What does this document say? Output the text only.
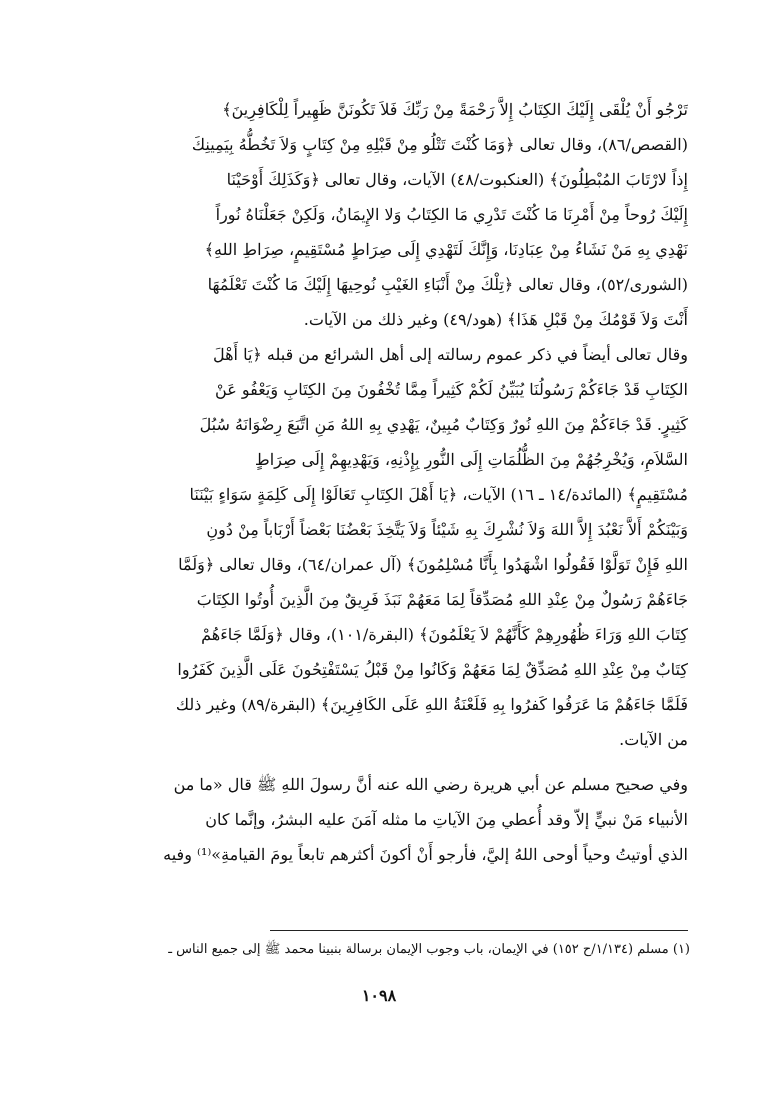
تَرْجُو أَنْ يُلْقَى إِلَيْكَ الكِتَابُ إِلاَّ رَحْمَةً مِنْ رَبِّكَ فَلاَ تَكُونَنَّ ظَهِيراً لِلْكَافِرِينَ﴾
(القصص/٨٦)، وقال تعالى ﴿وَمَا كُنْتَ تَتْلُو مِنْ قَبْلِهِ مِنْ كِتَابٍ وَلاَ تَخُطُّهُ بِيَمِينِكَ
إِذاً لارْتَابَ المُبْطِلُونَ﴾ (العنكبوت/٤٨) الآيات، وقال تعالى ﴿وَكَذَلِكَ أَوْحَيْنَا
إِلَيْكَ رُوحاً مِنْ أَمْرِنَا مَا كُنْتَ تَدْرِي مَا الكِتَابُ وَلا الإِيمَانُ، وَلَكِنْ جَعَلْنَاهُ نُوراً
نَهْدِي بِهِ مَنْ نَشَاءُ مِنْ عِبَادِنَا، وَإِنَّكَ لَتَهْدِي إِلَى صِرَاطٍ مُسْتَقِيمٍ، صِرَاطِ اللهِ﴾
(الشورى/٥٢)، وقال تعالى ﴿تِلْكَ مِنْ أَنْبَاءِ الغَيْبِ نُوحِيهَا إِلَيْكَ مَا كُنْتَ تَعْلَمُهَا
أَنْتَ وَلاَ قَوْمُكَ مِنْ قَبْلِ هَذَا﴾ (هود/٤٩) وغير ذلك من الآيات.
وقال تعالى أيضاً في ذكر عموم رسالته إلى أهل الشرائع من قبله ﴿يَا أَهْلَ
الكِتَابِ قَدْ جَاءَكُمْ رَسُولُنَا يُبَيِّنُ لَكُمْ كَثِيراً مِمَّا تُخْفُونَ مِنَ الكِتَابِ وَيَعْفُو عَنْ
كَثِيرٍ. قَدْ جَاءَكُمْ مِنَ اللهِ نُورٌ وَكِتَابٌ مُبِينٌ، يَهْدِي بِهِ اللهُ مَنِ اتَّبَعَ رِضْوَانَهُ سُبُلَ
السَّلاَمِ، وَيُخْرِجُهُمْ مِنَ الظُّلُمَاتِ إِلَى النُّورِ بِإِذْنِهِ، وَيَهْدِيهِمْ إِلَى صِرَاطٍ
مُسْتَقِيمٍ﴾ (المائدة/١٤ ـ ١٦) الآيات، ﴿يَا أَهْلَ الكِتَابِ تَعَالَوْا إِلَى كَلِمَةٍ سَوَاءٍ بَيْنَنَا
وَبَيْنَكُمْ أَلاَّ نَعْبُدَ إِلاَّ اللهَ وَلاَ نُشْرِكَ بِهِ شَيْئاً وَلاَ يَتَّخِذَ بَعْضُنَا بَعْضاً أَرْبَاباً مِنْ دُونِ
اللهِ فَإِنْ تَوَلَّوْا فَقُولُوا اشْهَدُوا بِأَنَّا مُسْلِمُونَ﴾ (آل عمران/٦٤)، وقال تعالى ﴿وَلَمَّا
جَاءَهُمْ رَسُولٌ مِنْ عِنْدِ اللهِ مُصَدِّقاً لِمَا مَعَهُمْ نَبَذَ فَرِيقٌ مِنَ الَّذِينَ أُوتُوا الكِتَابَ
كِتَابَ اللهِ وَرَاءَ ظُهُورِهِمْ كَأَنَّهُمْ لاَ يَعْلَمُونَ﴾ (البقرة/١٠١)، وقال ﴿وَلَمَّا جَاءَهُمْ
كِتَابٌ مِنْ عِنْدِ اللهِ مُصَدِّقٌ لِمَا مَعَهُمْ وَكَانُوا مِنْ قَبْلُ يَسْتَفْتِحُونَ عَلَى الَّذِينَ كَفَرُوا
فَلَمَّا جَاءَهُمْ مَا عَرَفُوا كَفرُوا بِهِ فَلَعْنَةُ اللهِ عَلَى الكَافِرِينَ﴾ (البقرة/٨٩) وغير ذلك
من الآيات.
وفي صحيح مسلم عن أبي هريرة رضي الله عنه أنَّ رسولَ اللهِ ﷺ قال «ما من
الأنبياء مَنْ نبيٍّ إلاّ وقد أُعطي مِنَ الآياتِ ما مثله آمَنَ عليه البشرُ، وإنَّما كان
الذي أوتيتُ وحياً أوحى اللهُ إليَّ، فأرجو أَنْ أكونَ أكثرهم تابعاً يومَ القيامةِ»⁽¹⁾ وفيه
(١) مسلم (١/١٣٤/ح ١٥٢) في الإيمان، باب وجوب الإيمان برسالة بنبينا محمد ﷺ إلى جميع الناس ـ
١٠٩٨
